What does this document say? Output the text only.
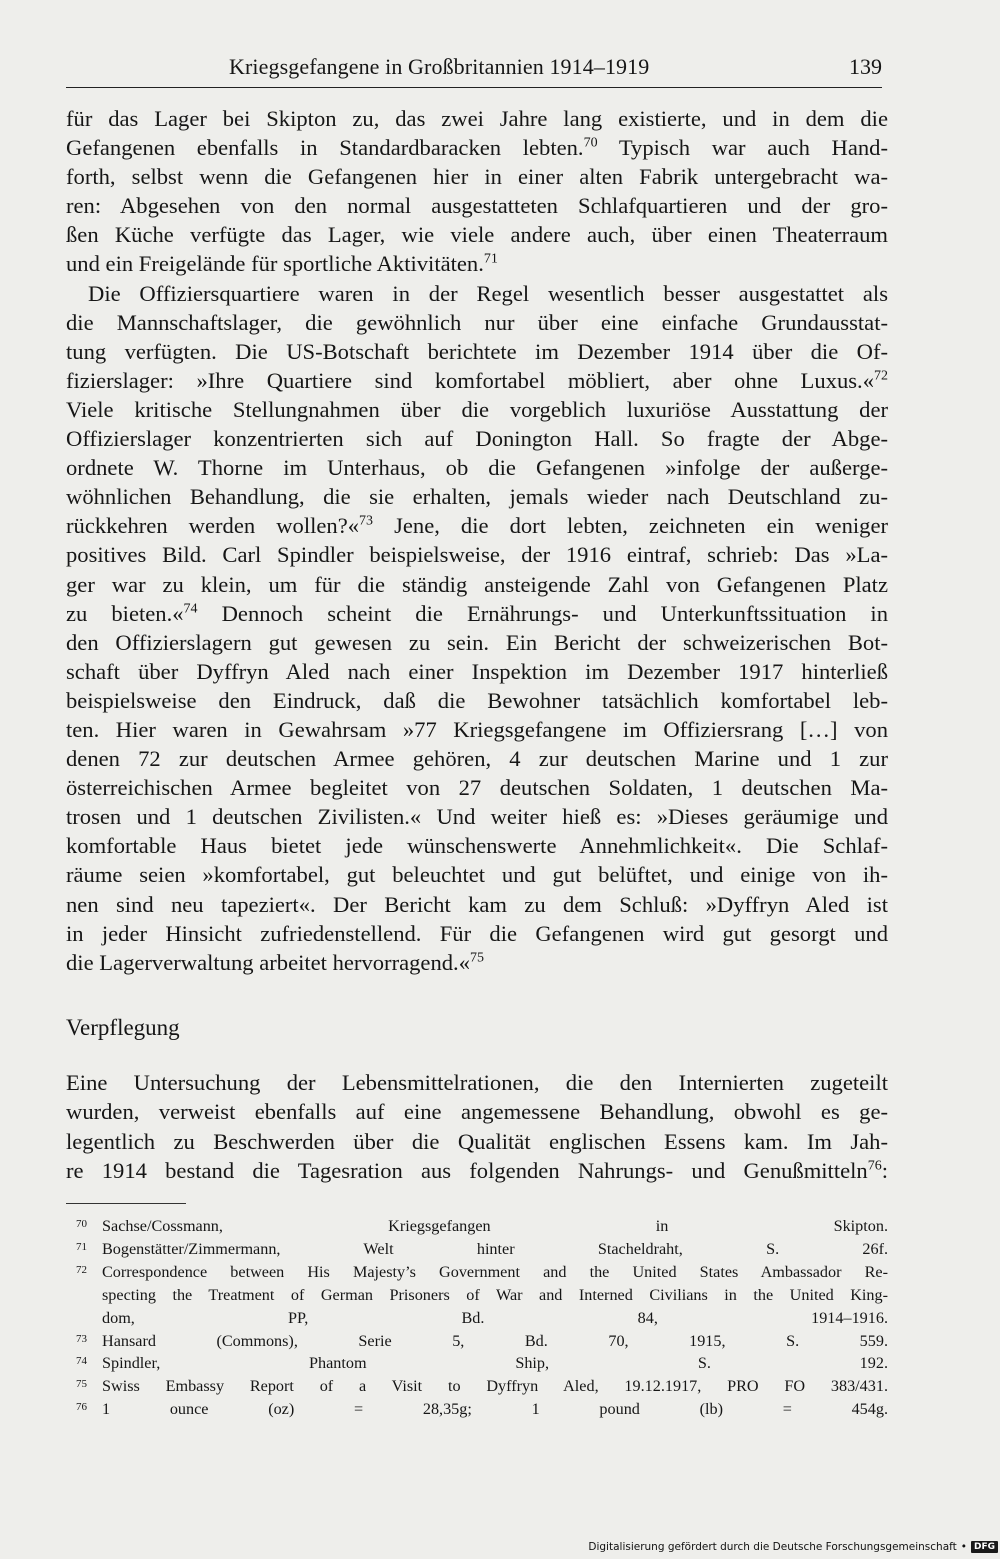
Kriegsgefangene in Großbritannien 1914–1919	139
für das Lager bei Skipton zu, das zwei Jahre lang existierte, und in dem die
Gefangenen ebenfalls in Standardbaracken lebten.$^{70}$ Typisch war auch Hand-
forth, selbst wenn die Gefangenen hier in einer alten Fabrik untergebracht wa-
ren: Abgesehen von den normal ausgestatteten Schlafquartieren und der gro-
ßen Küche verfügte das Lager, wie viele andere auch, über einen Theaterraum
und ein Freigelände für sportliche Aktivitäten.$^{71}$
Die Offiziersquartiere waren in der Regel wesentlich besser ausgestattet als
die Mannschaftslager, die gewöhnlich nur über eine einfache Grundausstat-
tung verfügten. Die US-Botschaft berichtete im Dezember 1914 über die Of-
fizierslager: »Ihre Quartiere sind komfortabel möbliert, aber ohne Luxus.«$^{72}$
Viele kritische Stellungnahmen über die vorgeblich luxuriöse Ausstattung der
Offizierslager konzentrierten sich auf Donington Hall. So fragte der Abge-
ordnete W. Thorne im Unterhaus, ob die Gefangenen »infolge der außerge-
wöhnlichen Behandlung, die sie erhalten, jemals wieder nach Deutschland zu-
rückkehren werden wollen?«$^{73}$ Jene, die dort lebten, zeichneten ein weniger
positives Bild. Carl Spindler beispielsweise, der 1916 eintraf, schrieb: Das »La-
ger war zu klein, um für die ständig ansteigende Zahl von Gefangenen Platz
zu bieten.«$^{74}$ Dennoch scheint die Ernährungs- und Unterkunftssituation in
den Offizierslagern gut gewesen zu sein. Ein Bericht der schweizerischen Bot-
schaft über Dyffryn Aled nach einer Inspektion im Dezember 1917 hinterließ
beispielsweise den Eindruck, daß die Bewohner tatsächlich komfortabel leb-
ten. Hier waren in Gewahrsam »77 Kriegsgefangene im Offiziersrang […] von
denen 72 zur deutschen Armee gehören, 4 zur deutschen Marine und 1 zur
österreichischen Armee begleitet von 27 deutschen Soldaten, 1 deutschen Ma-
trosen und 1 deutschen Zivilisten.« Und weiter hieß es: »Dieses geräumige und
komfortable Haus bietet jede wünschenswerte Annehmlichkeit«. Die Schlaf-
räume seien »komfortabel, gut beleuchtet und gut belüftet, und einige von ih-
nen sind neu tapeziert«. Der Bericht kam zu dem Schluß: »Dyffryn Aled ist
in jeder Hinsicht zufriedenstellend. Für die Gefangenen wird gut gesorgt und
die Lagerverwaltung arbeitet hervorragend.«$^{75}$
Verpflegung
Eine Untersuchung der Lebensmittelrationen, die den Internierten zugeteilt
wurden, verweist ebenfalls auf eine angemessene Behandlung, obwohl es ge-
legentlich zu Beschwerden über die Qualität englischen Essens kam. Im Jah-
re 1914 bestand die Tagesration aus folgenden Nahrungs- und Genußmitteln$^{76}$:
70 Sachse/Cossmann, Kriegsgefangen in Skipton.
71 Bogenstätter/Zimmermann, Welt hinter Stacheldraht, S. 26f.
72 Correspondence between His Majesty’s Government and the United States Ambassador Re-
specting the Treatment of German Prisoners of War and Interned Civilians in the United King-
dom, PP, Bd. 84, 1914–1916.
73 Hansard (Commons), Serie 5, Bd. 70, 1915, S. 559.
74 Spindler, Phantom Ship, S. 192.
75 Swiss Embassy Report of a Visit to Dyffryn Aled, 19.12.1917, PRO FO 383/431.
76 1 ounce (oz) = 28,35g; 1 pound (lb) = 454g.
Digitalisierung gefördert durch die Deutsche Forschungsgemeinschaft • DFG
